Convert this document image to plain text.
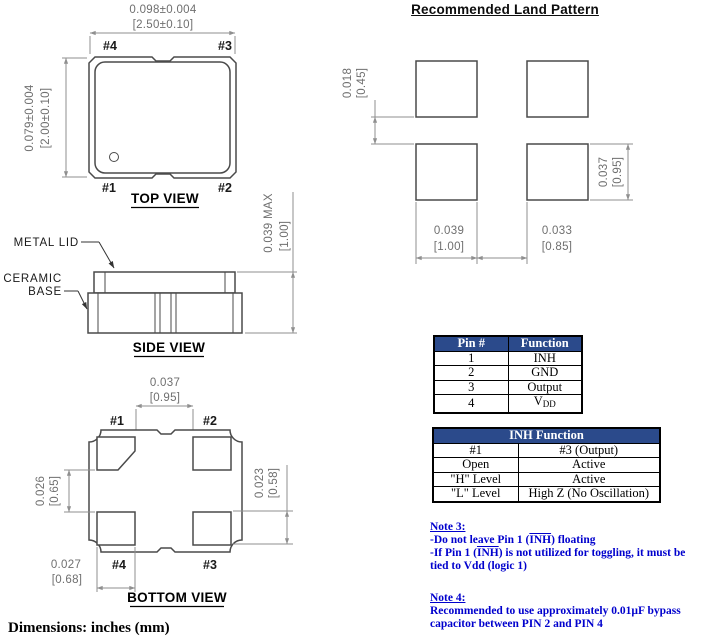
0.098±0.004
[2.50±0.10]
0.079±0.004 [2.00±0.10]
#4	#3
#1	#2
TOP VIEW
METAL LID
CERAMIC
BASE
0.039 MAX [1.00]
SIDE VIEW
0.037
[0.95]
#1	#2
#4	#3
0.026 [0.65]	0.023 [0.58]
0.027
[0.68]
BOTTOM VIEW
0.018 [0.45]
0.037 [0.95]
0.039
[1.00]
0.033
[0.85]
Recommended Land Pattern
Pin #	Function
1	$\overline{INH}$
2	GND
3	Output
4	$V_{DD}$
$\overline{INH}$ Function	
#1	#3 (Output)
Open	Active
"H" Level	Active
"L" Level	High Z (No Oscillation)
Note 3:
-Do not leave Pin 1 $(\overline{INH})$ floating
-If Pin 1 $(\overline{INH})$ is not utilized for toggling, it must be tied to Vdd (logic 1)
Note 4:
Recommended to use approximately 0.01µF bypass capacitor between PIN 2 and PIN 4
Dimensions: inches (mm)
